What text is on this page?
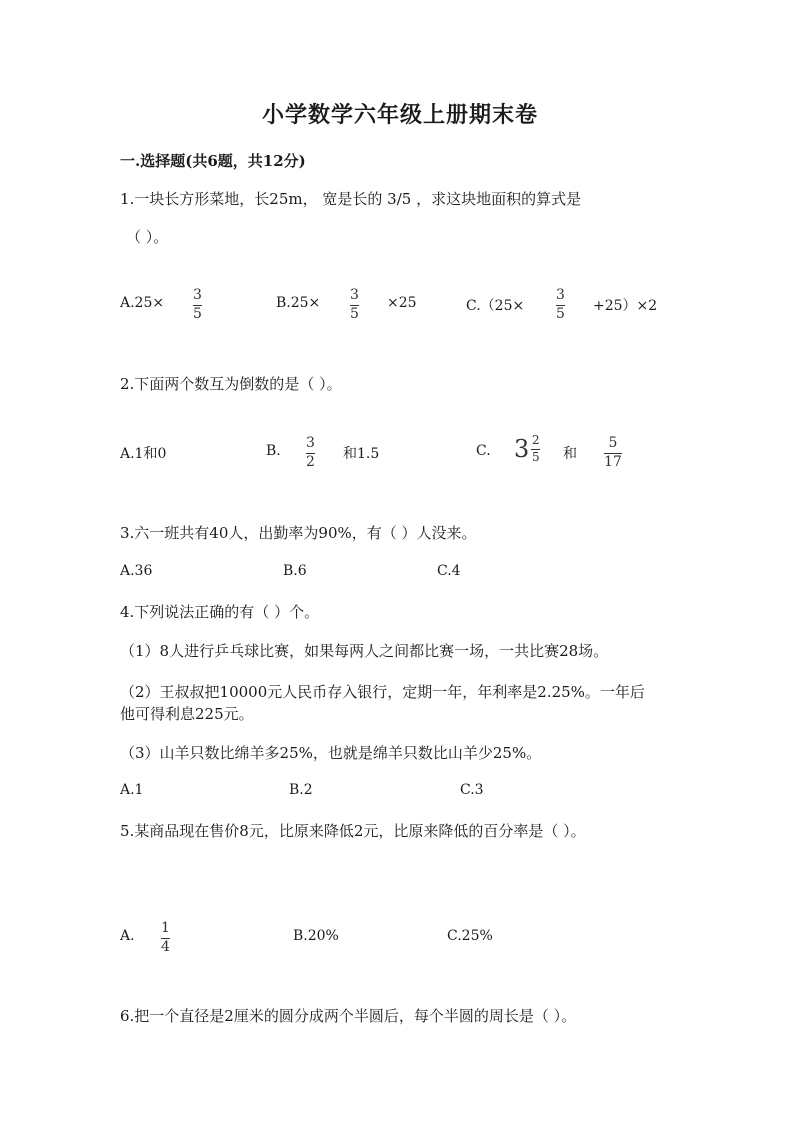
小学数学六年级上册期末卷
一.选择题(共6题，共12分)
1.一块长方形菜地，长25m， 宽是长的 3/5 ，求这块地面积的算式是
（ ）。
$A.25\times \frac{3}{5}$	$B.25\times \frac{3}{5} \times 25$	$C.(25\times \frac{3}{5} +25)\times 2$
2.下面两个数互为倒数的是（ ）。
A.1和0	B. $\frac{3}{2}$ 和1.5	C. $3 \frac{2}{5}$ 和 $\frac{5}{17}$
3.六一班共有40人，出勤率为90%，有（ ）人没来。
A.36	B.6	C.4
4.下列说法正确的有（ ）个。
（1）8人进行乒乓球比赛，如果每两人之间都比赛一场，一共比赛28场。
（2）王叔叔把10000元人民币存入银行，定期一年，年利率是2.25%。一年后
他可得利息225元。
（3）山羊只数比绵羊多25%，也就是绵羊只数比山羊少25%。
A.1	B.2	C.3
5.某商品现在售价8元，比原来降低2元，比原来降低的百分率是（ ）。
A. $\frac{1}{4}$	B.20%	C.25%
6.把一个直径是2厘米的圆分成两个半圆后，每个半圆的周长是（ ）。
